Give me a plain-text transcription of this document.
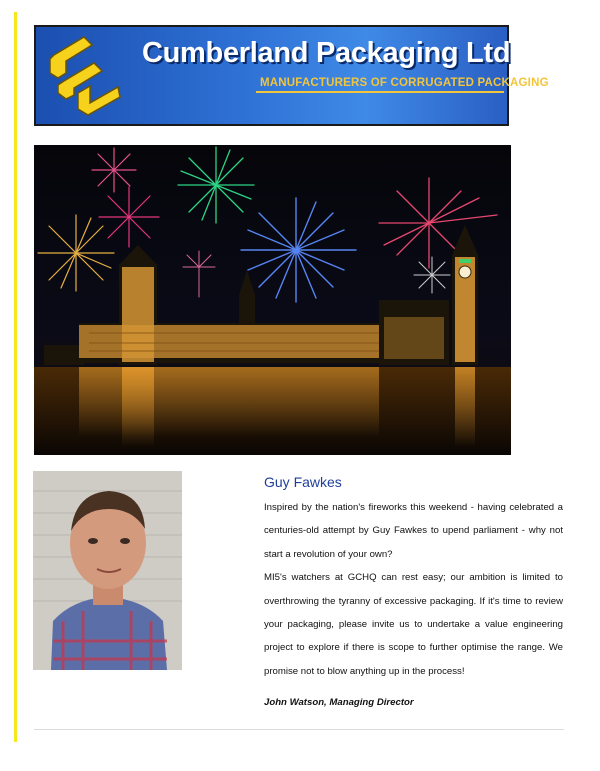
Cumberland Packaging Ltd
MANUFACTURERS OF CORRUGATED PACKAGING
Guy Fawkes

Inspired by the nation's fireworks this weekend - having celebrated a centuries-old attempt by Guy Fawkes to upend parliament - why not start a revolution of your own?

MI5's watchers at GCHQ can rest easy; our ambition is limited to overthrowing the tyranny of excessive packaging. If it's time to review your packaging, please invite us to undertake a value engineering project to explore if there is scope to further optimise the range. We promise not to blow anything up in the process!

John Watson, Managing Director
